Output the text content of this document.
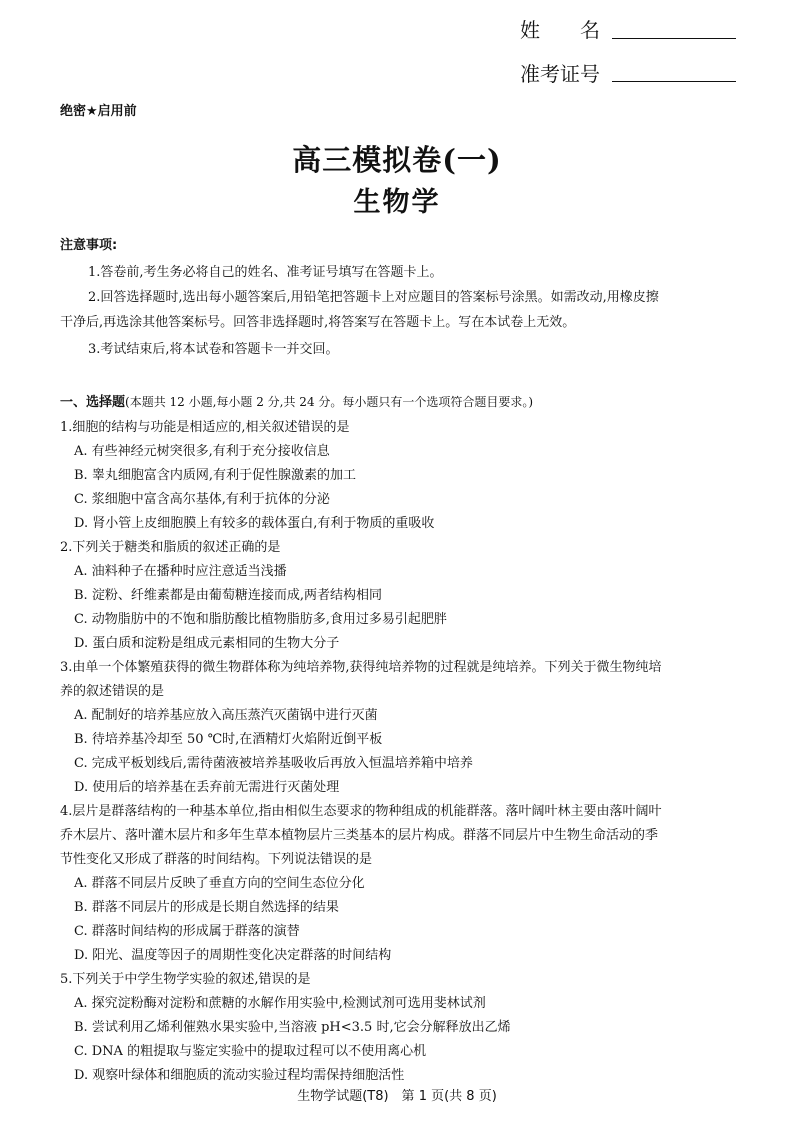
姓　　名
准考证号
绝密★启用前
高三模拟卷(一)
生物学
注意事项:
1.答卷前,考生务必将自己的姓名、准考证号填写在答题卡上。
2.回答选择题时,选出每小题答案后,用铅笔把答题卡上对应题目的答案标号涂黑。如需改动,用橡皮擦
干净后,再选涂其他答案标号。回答非选择题时,将答案写在答题卡上。写在本试卷上无效。
3.考试结束后,将本试卷和答题卡一并交回。
一、选择题(本题共 12 小题,每小题 2 分,共 24 分。每小题只有一个选项符合题目要求。)
1.细胞的结构与功能是相适应的,相关叙述错误的是
A. 有些神经元树突很多,有利于充分接收信息
B. 睾丸细胞富含内质网,有利于促性腺激素的加工
C. 浆细胞中富含高尔基体,有利于抗体的分泌
D. 肾小管上皮细胞膜上有较多的载体蛋白,有利于物质的重吸收
2.下列关于糖类和脂质的叙述正确的是
A. 油料种子在播种时应注意适当浅播
B. 淀粉、纤维素都是由葡萄糖连接而成,两者结构相同
C. 动物脂肪中的不饱和脂肪酸比植物脂肪多,食用过多易引起肥胖
D. 蛋白质和淀粉是组成元素相同的生物大分子
3.由单一个体繁殖获得的微生物群体称为纯培养物,获得纯培养物的过程就是纯培养。下列关于微生物纯培
养的叙述错误的是
A. 配制好的培养基应放入高压蒸汽灭菌锅中进行灭菌
B. 待培养基冷却至 50 ℃时,在酒精灯火焰附近倒平板
C. 完成平板划线后,需待菌液被培养基吸收后再放入恒温培养箱中培养
D. 使用后的培养基在丢弃前无需进行灭菌处理
4.层片是群落结构的一种基本单位,指由相似生态要求的物种组成的机能群落。落叶阔叶林主要由落叶阔叶
乔木层片、落叶灌木层片和多年生草本植物层片三类基本的层片构成。群落不同层片中生物生命活动的季
节性变化又形成了群落的时间结构。下列说法错误的是
A. 群落不同层片反映了垂直方向的空间生态位分化
B. 群落不同层片的形成是长期自然选择的结果
C. 群落时间结构的形成属于群落的演替
D. 阳光、温度等因子的周期性变化决定群落的时间结构
5.下列关于中学生物学实验的叙述,错误的是
A. 探究淀粉酶对淀粉和蔗糖的水解作用实验中,检测试剂可选用斐林试剂
B. 尝试利用乙烯利催熟水果实验中,当溶液 pH<3.5 时,它会分解释放出乙烯
C. DNA 的粗提取与鉴定实验中的提取过程可以不使用离心机
D. 观察叶绿体和细胞质的流动实验过程均需保持细胞活性
生物学试题(T8)　第 1 页(共 8 页)
